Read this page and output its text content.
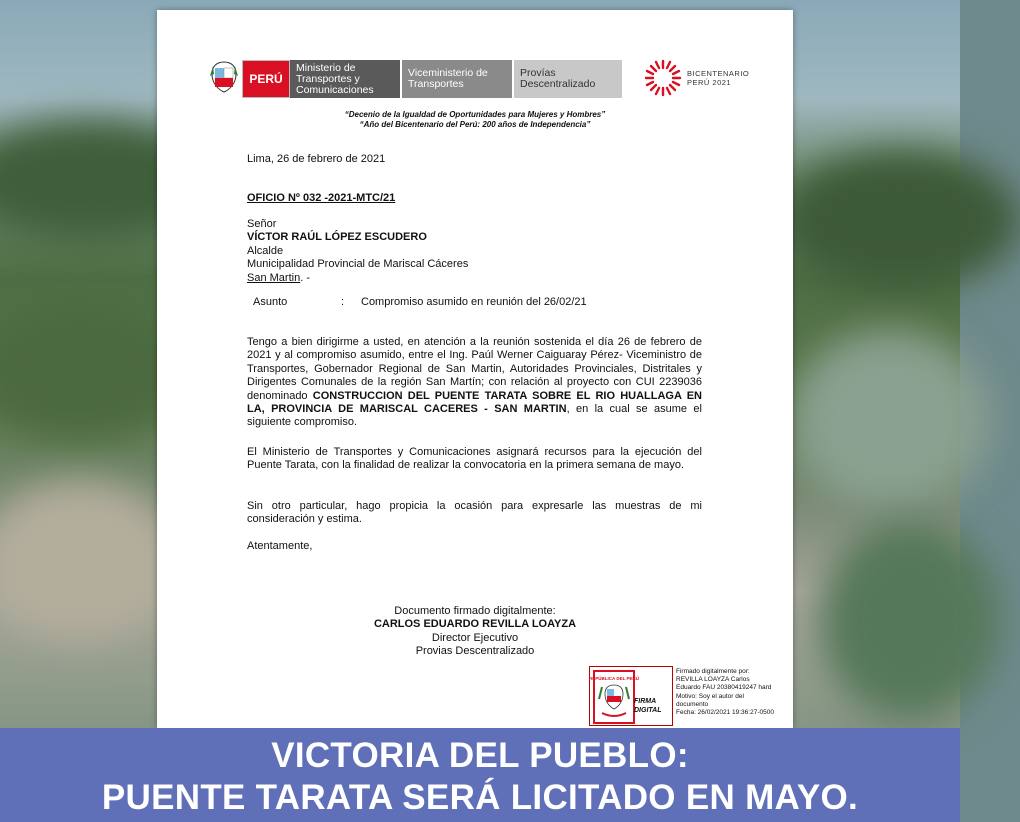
PERÚ
Ministerio de Transportes y Comunicaciones
Viceministerio de Transportes
Provías Descentralizado
BICENTENARIO
PERÚ 2021
“Decenio de la Igualdad de Oportunidades para Mujeres y Hombres”
“Año del Bicentenario del Perú: 200 años de Independencia”
Lima, 26 de febrero de 2021
OFICIO Nº 032 -2021-MTC/21
Señor
VÍCTOR RAÚL LÓPEZ ESCUDERO
Alcalde
Municipalidad Provincial de Mariscal Cáceres
San Martin. -
Asunto	: Compromiso asumido en reunión del 26/02/21
Tengo a bien dirigirme a usted, en atención a la reunión sostenida el día 26 de febrero de 2021 y al compromiso asumido, entre el Ing. Paúl Werner Caiguaray Pérez- Viceministro de Transportes, Gobernador Regional de San Martin, Autoridades Provinciales, Distritales y Dirigentes Comunales de la región San Martín; con relación al proyecto con CUI 2239036 denominado CONSTRUCCION DEL PUENTE TARATA SOBRE EL RIO HUALLAGA EN LA, PROVINCIA DE MARISCAL CACERES - SAN MARTIN, en la cual se asume el siguiente compromiso.
El Ministerio de Transportes y Comunicaciones asignará recursos para la ejecución del Puente Tarata, con la finalidad de realizar la convocatoria en la primera semana de mayo.
Sin otro particular, hago propicia la ocasión para expresarle las muestras de mi consideración y estima.
Atentamente,
Documento firmado digitalmente:
CARLOS EDUARDO REVILLA LOAYZA
Director Ejecutivo
Provias Descentralizado
REPÚBLICA DEL PERÚ
FIRMA DIGITAL
Firmado digitalmente por:
REVILLA LOAYZA Carlos
Eduardo FAU 20380419247 hard
Motivo: Soy el autor del
documento
Fecha: 26/02/2021 19:36:27-0500
VICTORIA DEL PUEBLO:
PUENTE TARATA SERÁ LICITADO EN MAYO.
